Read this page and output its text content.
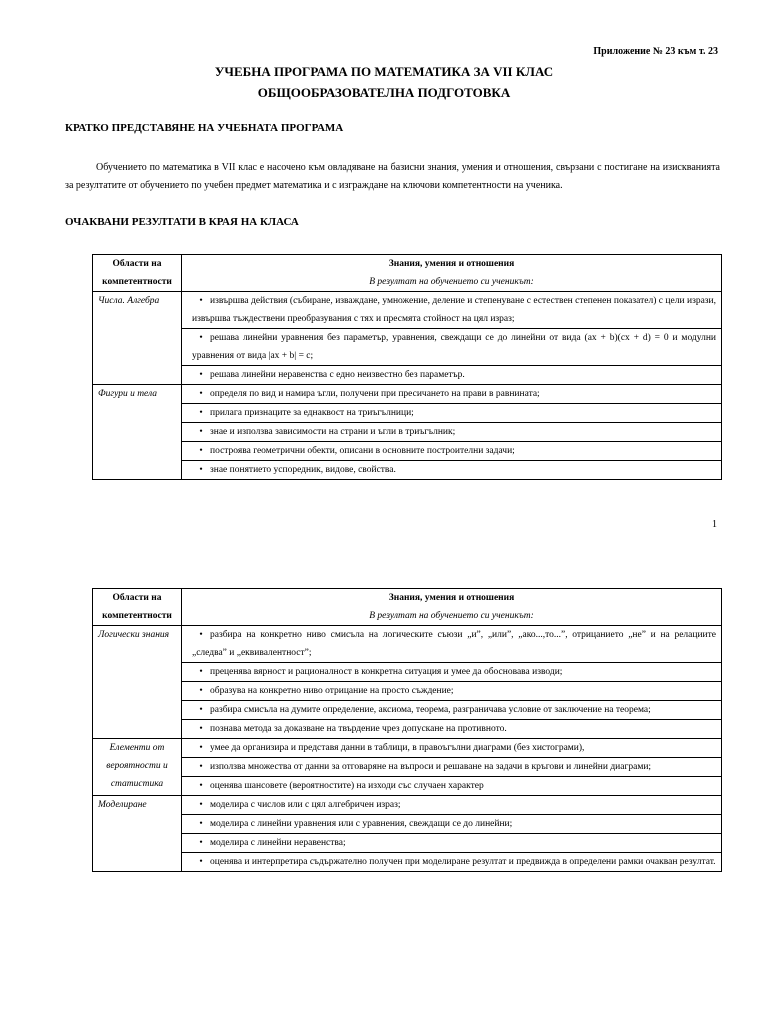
Приложение № 23 към т. 23
УЧЕБНА ПРОГРАМА ПО МАТЕМАТИКА ЗА VII КЛАС
ОБЩООБРАЗОВАТЕЛНА ПОДГОТОВКА
КРАТКО ПРЕДСТАВЯНЕ НА УЧЕБНАТА ПРОГРАМА
Обучението по математика в VII клас е насочено към овладяване на базисни знания, умения и отношения, свързани с постигане на изискванията за резултатите от обучението по учебен предмет математика и с изграждане на ключови компетентности на ученика.
ОЧАКВАНИ РЕЗУЛТАТИ В КРАЯ НА КЛАСА
Области на компетентности	Знания, умения и отношения
В резултат на обучението си ученикът:

Числа. Алгебра	• извършва действия (събиране, изваждане, умножение, деление и степенуване с естествен степенен показател) с цели изрази, извършва тъждествени преобразувания с тях и пресмята стойност на цял израз;
	• решава линейни уравнения без параметър, уравнения, свеждащи се до линейни от вида (ax + b)(cx + d) = 0 и модулни уравнения от вида |ax + b| = c;
	• решава линейни неравенства с едно неизвестно без параметър.
Фигури и тела	• определя по вид и намира ъгли, получени при пресичането на прави в равнината;
	• прилага признаците за еднаквост на триъгълници;
	• знае и използва зависимости на страни и ъгли в триъгълник;
	• построява геометрични обекти, описани в основните построителни задачи;
	• знае понятието успоредник, видове, свойства.
1
Области на компетентности	Знания, умения и отношения
В резултат на обучението си ученикът:

Логически знания	• разбира на конкретно ниво смисъла на логическите съюзи „и”, „или”, „ако...,то...”, отрицанието „не” и на релациите „следва” и „еквивалентност”;
	• преценява вярност и рационалност в конкретна ситуация и умее да обосновава изводи;
	• образува на конкретно ниво отрицание на просто съждение;
	• разбира смисъла на думите определение, аксиома, теорема, разграничава условие от заключение на теорема;
	• познава метода за доказване на твърдение чрез допускане на противното.
Елементи от вероятности и статистика	• умее да организира и представя данни в таблици, в правоъгълни диаграми (без хистограми),
	• използва множества от данни за отговаряне на въпроси и решаване на задачи в кръгови и линейни диаграми;
	• оценява шансовете (вероятностите) на изходи със случаен характер
Моделиране	• моделира с числов или с цял алгебричен израз;
	• моделира с линейни уравнения или с уравнения, свеждащи се до линейни;
	• моделира с линейни неравенства;
	• оценява и интерпретира съдържателно получен при моделиране резултат и предвижда в определени рамки очакван резултат.
